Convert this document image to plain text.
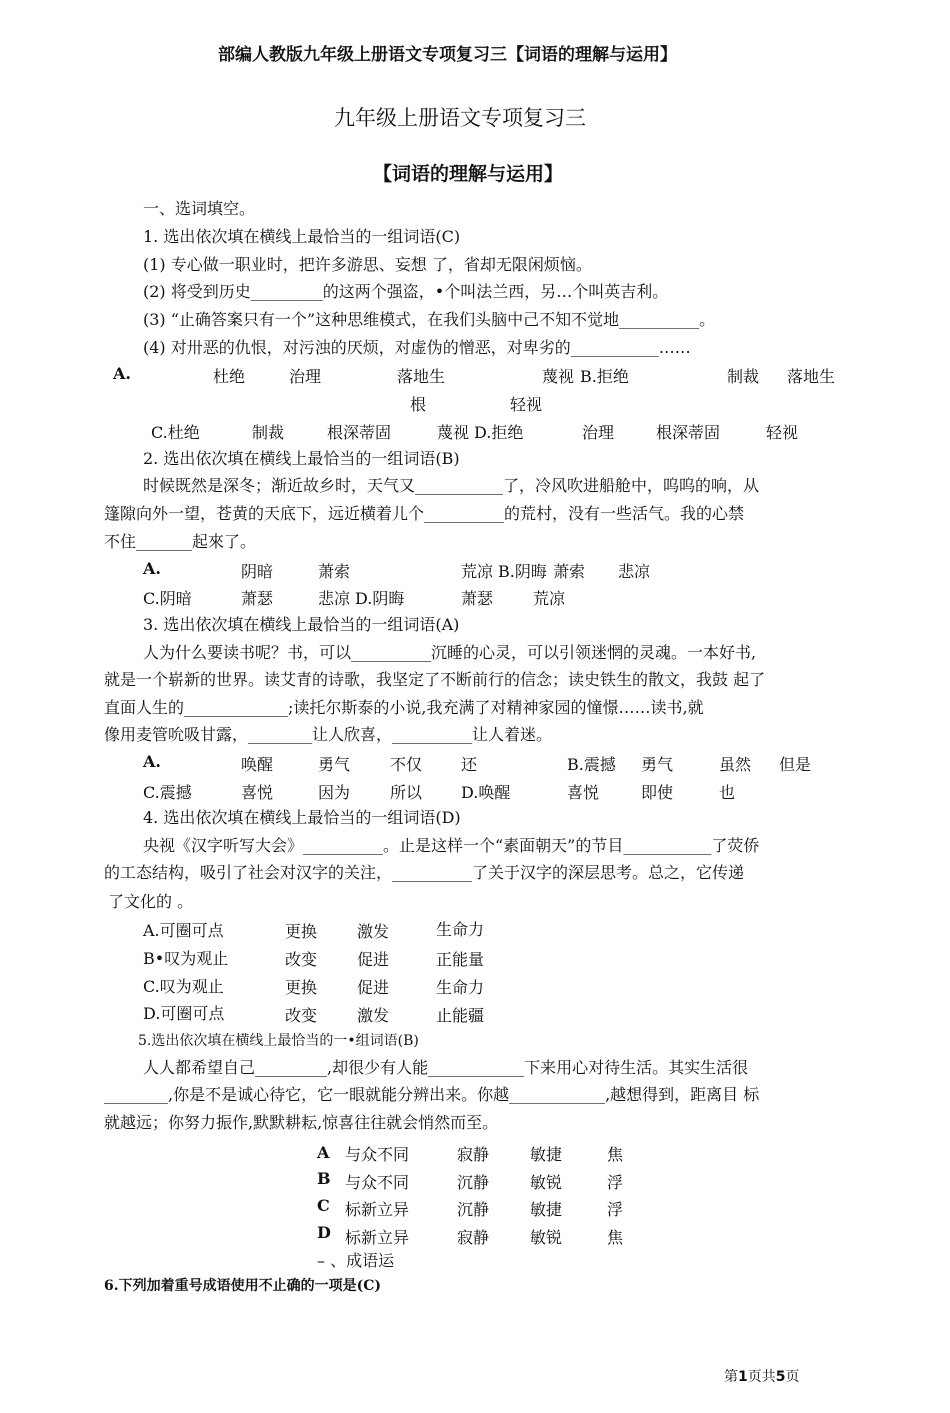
部编人教版九年级上册语文专项复习三【词语的理解与运用】
九年级上册语文专项复习三
【词语的理解与运用】
一、选词填空。
1. 选出依次填在横线上最恰当的一组词语(C)
(1) 专心做一职业时，把许多游思、妄想 了，省却无限闲烦恼。
(2) 将受到历史_________的这两个强盗，•个叫法兰西，另…个叫英吉利。
(3) “止确答案只有一个”这种思维模式，在我们头脑中己不知不觉地__________。
(4) 对卅恶的仇恨，对污浊的厌烦，对虚伪的憎恶，对卑劣的___________……
A.	杜绝	治理	落地生	蔑视 B.拒绝	制裁 落地生
根	轻视
C.杜绝	制裁	根深蒂固	蔑视 D.拒绝	治理	根深蒂固	轻视
2. 选出依次填在横线上最恰当的一组词语(B)
时候既然是深冬；渐近故乡时，天气又___________了，冷风吹进船舱中，呜呜的响，从
篷隙向外一望，苍黄的天底下，远近横着儿个__________的荒村，没有一些活气。我的心禁
不住_______起來了。
A.	阴暗	萧索	荒凉 B.阴晦 萧索 悲凉
C.阴暗	萧瑟	悲凉 D.阴晦	萧瑟 荒凉
3. 选出依次填在横线上最恰当的一组词语(A)
人为什么要读书呢？书，可以__________沉睡的心灵，可以引领迷惘的灵魂。一本好书,
就是一个崭新的世界。读艾青的诗歌，我坚定了不断前行的信念；读史铁生的散文，我鼓 起了
直面人生的_____________;读托尔斯泰的小说,我充满了对精神家园的憧憬……读书,就
像用麦管吮吸甘露，________让人欣喜，__________让人着迷。
A.	唤醒	勇气 不仅 还	B.震撼 勇气	虽然 但是
C.震撼	喜悦	因为 所以 D.唤醒	喜悦	即使	也
4. 选出依次填在横线上最恰当的一组词语(D)
央视《汉字听写大会》__________。止是这样一个“素面朝天”的节目___________了荧侨
的工态结构，吸引了社会对汉字的关注，__________了关于汉字的深层思考。总之，它传递
了文化的 。
A.可圈可点	更换 激发	生命力
B•叹为观止	改变 促进	正能量
C.叹为观止	更换 促进	生命力
D.可圈可点	改变 激发	止能疆
5.选出依次填在横线上最恰当的一•组词语(B)
人人都希望自己_________,却很少有人能____________下来用心对待生活。其实生活很
________,你是不是诚心待它，它一眼就能分辨出来。你越____________,越想得到，距离目 标
就越远；你努力振作,默默耕耘,惊喜往往就会悄然而至。
A 与众不同	寂静	敏捷	焦
B 与众不同	沉静	敏锐	浮
C 标新立异	沉静	敏捷	浮
D 标新立异	寂静	敏锐	焦
– 、成语运
6.下列加着重号成语使用不止确的一项是(C)
第1页共5页
